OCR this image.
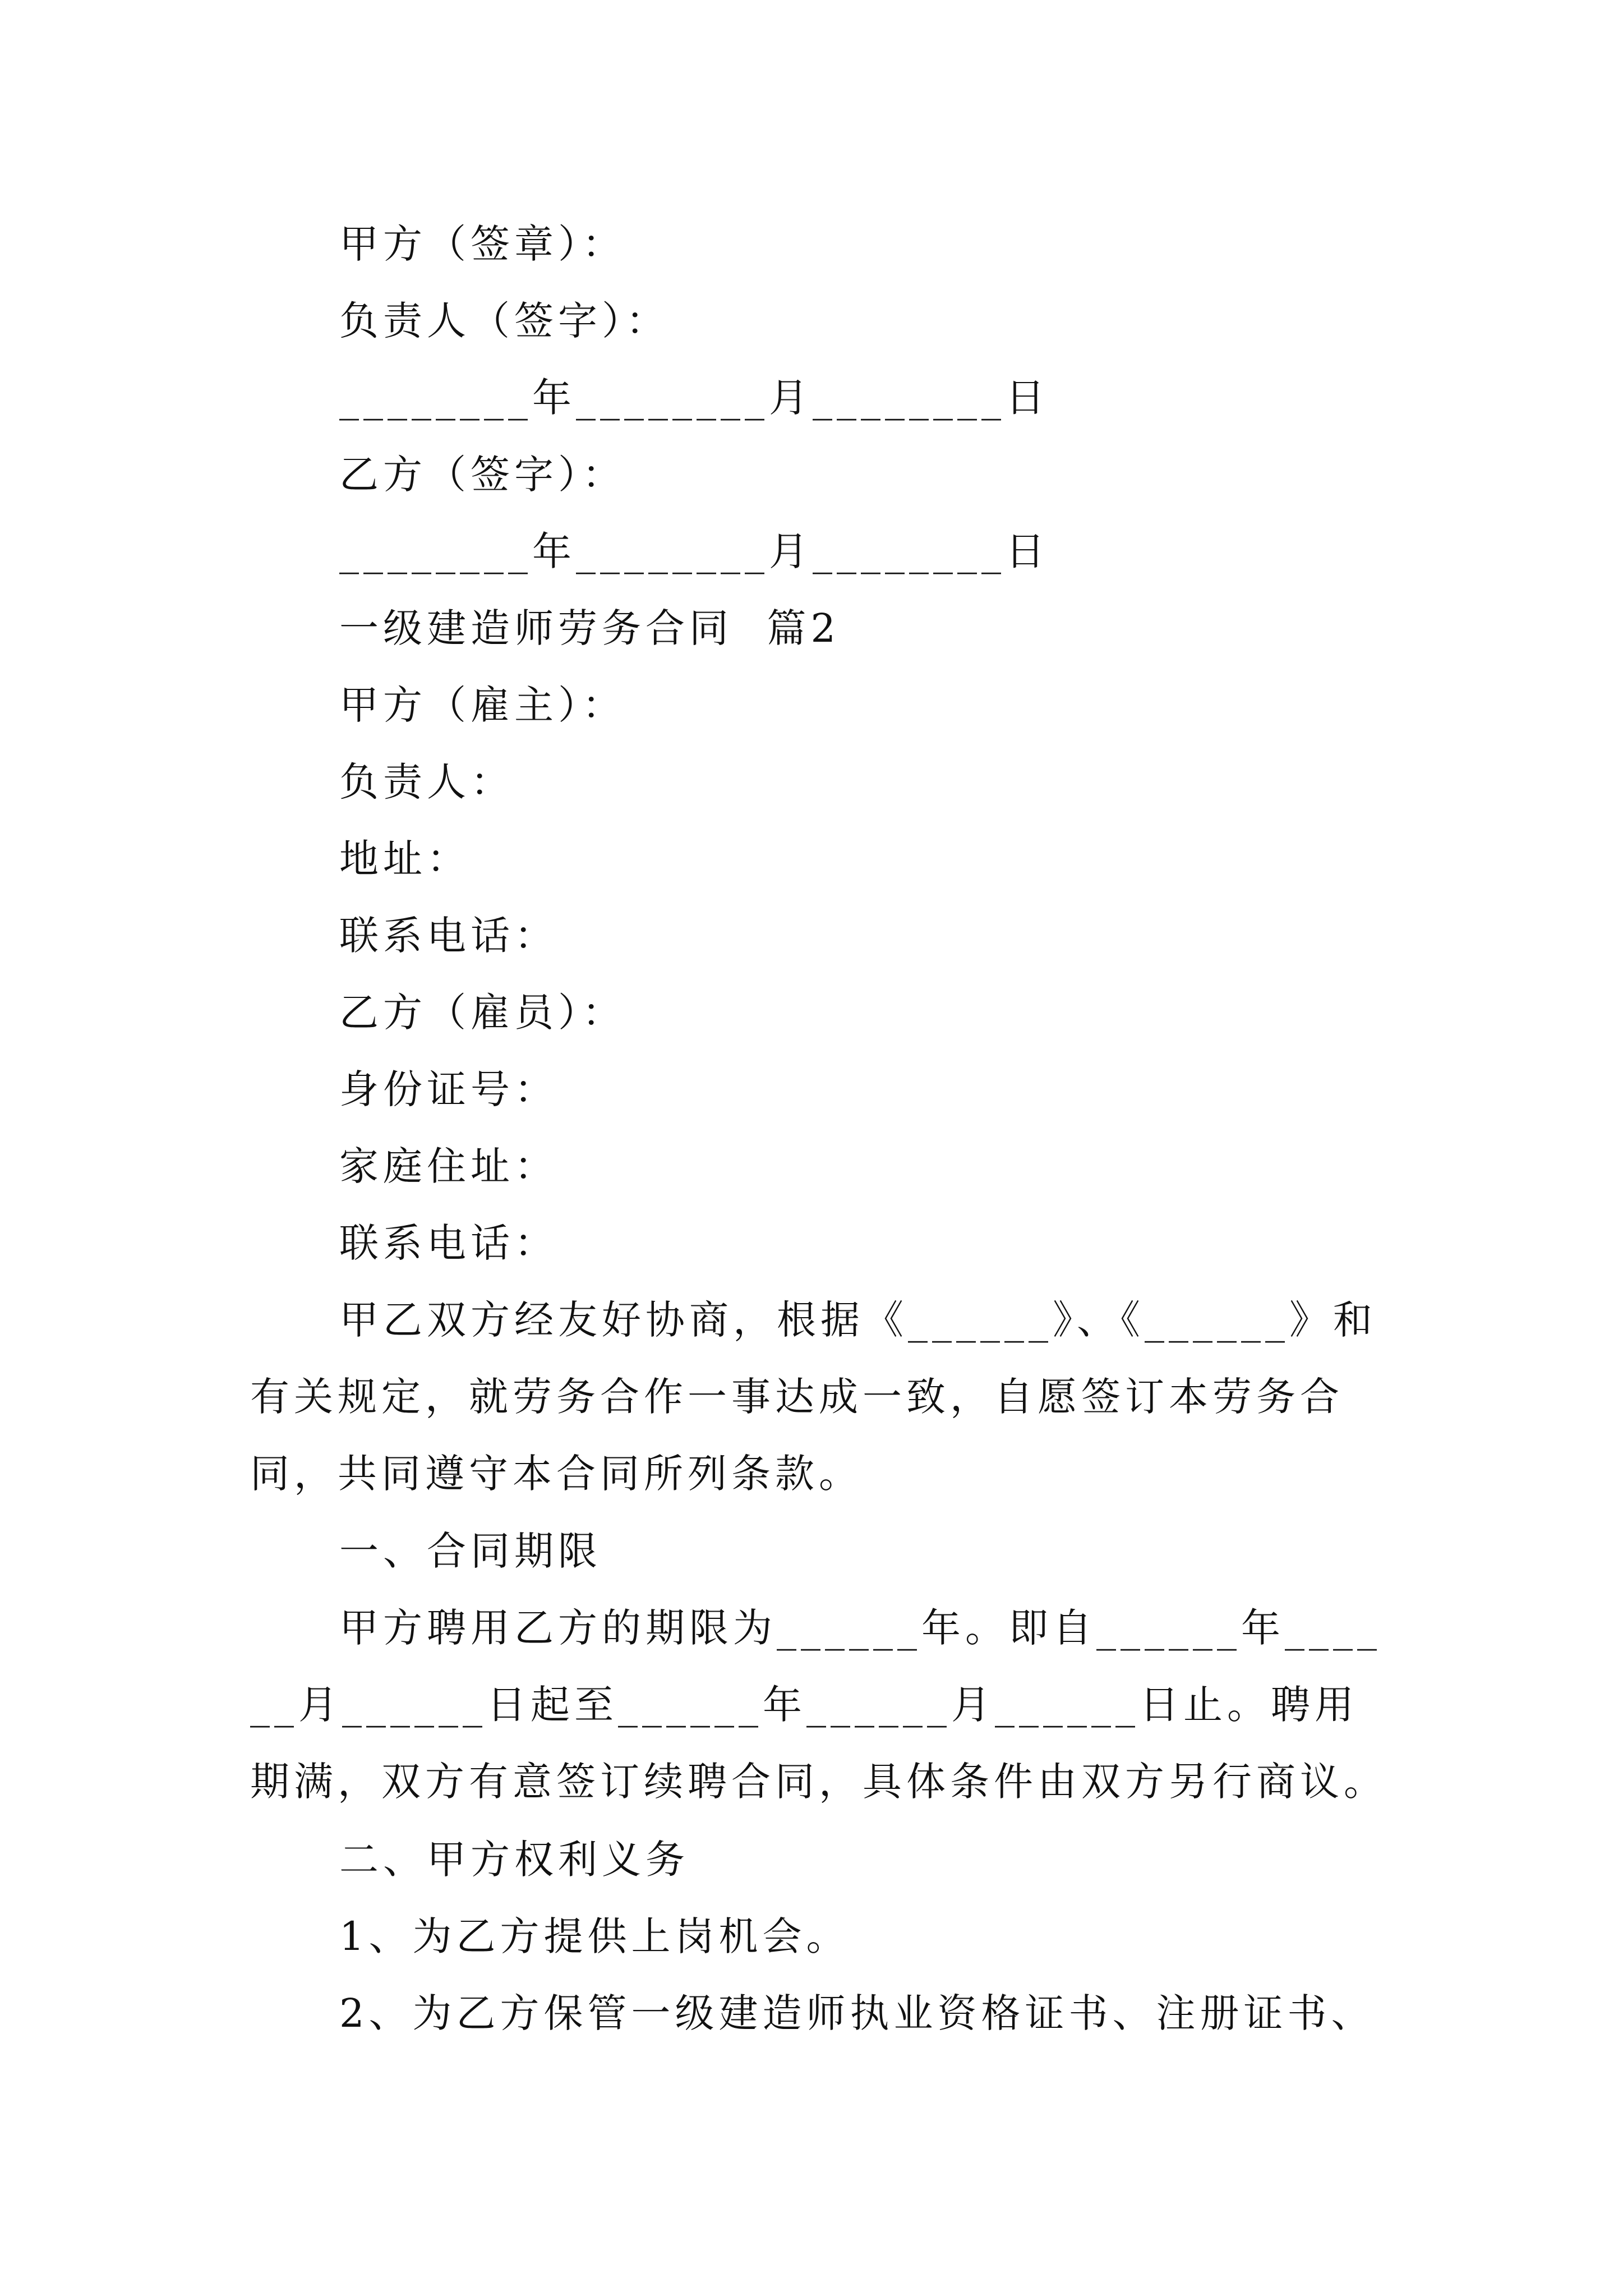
甲方（签章）：
负责人（签字）：
________年________月________日
乙方（签字）：
________年________月________日
一级建造师劳务合同  篇2
甲方（雇主）：
负责人：
地址：
联系电话：
乙方（雇员）：
身份证号：
家庭住址：
联系电话：
甲乙双方经友好协商，根据《______》、《______》和有关规定，就劳务合作一事达成一致，自愿签订本劳务合同，共同遵守本合同所列条款。
一、合同期限
甲方聘用乙方的期限为______年。即自______年______月______日起至______年______月______日止。聘用期满，双方有意签订续聘合同，具体条件由双方另行商议。
二、甲方权利义务
1、为乙方提供上岗机会。
2、为乙方保管一级建造师执业资格证书、注册证书、
